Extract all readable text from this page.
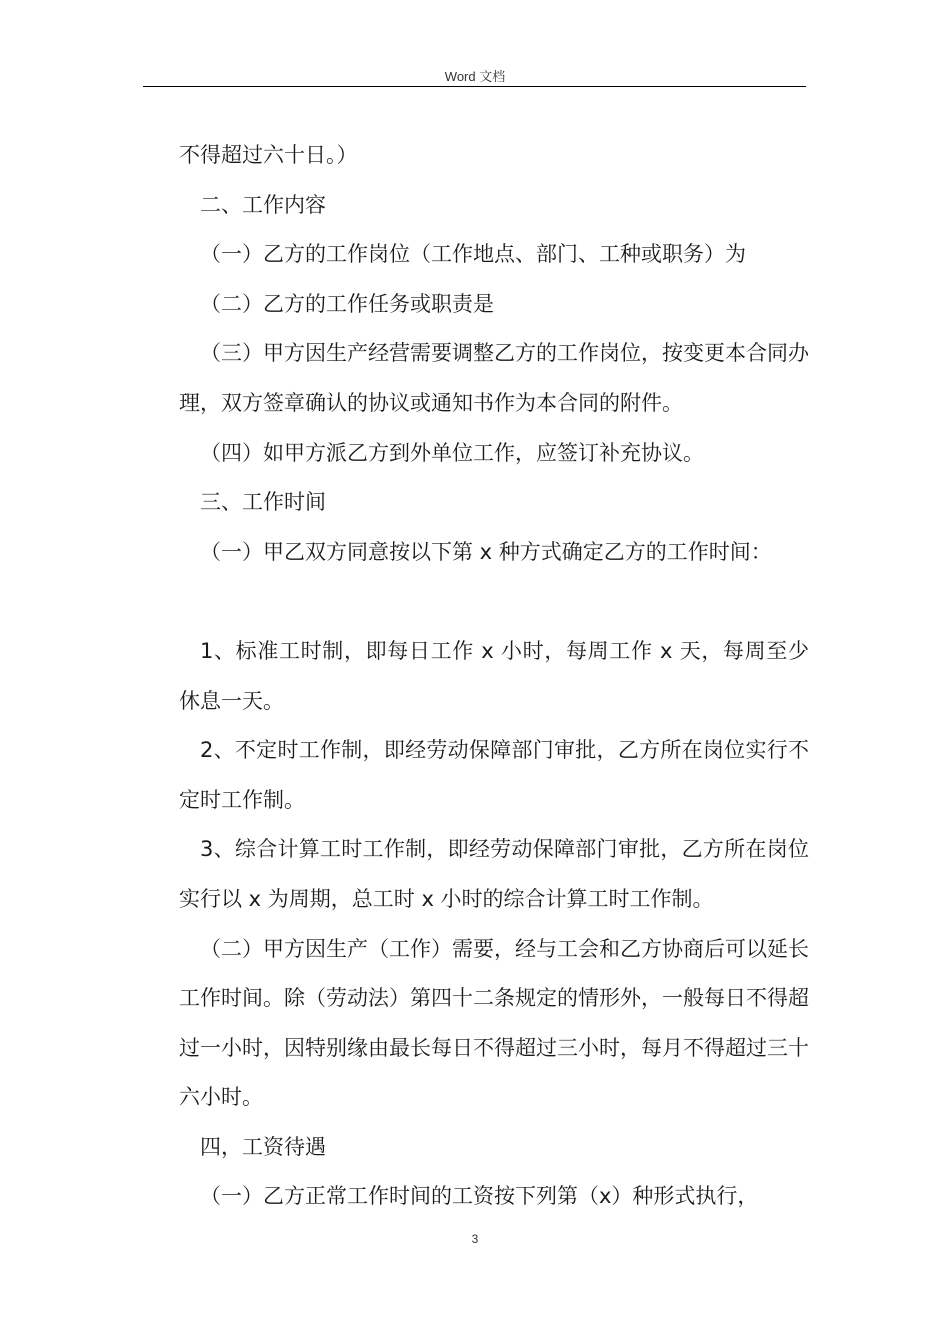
Word 文档

不得超过六十日。）

二、工作内容

（一）乙方的工作岗位（工作地点、部门、工种或职务）为

（二）乙方的工作任务或职责是

（三）甲方因生产经营需要调整乙方的工作岗位，按变更本合同办理，双方签章确认的协议或通知书作为本合同的附件。

（四）如甲方派乙方到外单位工作，应签订补充协议。

三、工作时间

（一）甲乙双方同意按以下第 x 种方式确定乙方的工作时间：

1、标准工时制，即每日工作 x 小时，每周工作 x 天，每周至少休息一天。

2、不定时工作制，即经劳动保障部门审批，乙方所在岗位实行不定时工作制。

3、综合计算工时工作制，即经劳动保障部门审批，乙方所在岗位实行以 x 为周期，总工时 x 小时的综合计算工时工作制。

（二）甲方因生产（工作）需要，经与工会和乙方协商后可以延长工作时间。除（劳动法）第四十二条规定的情形外，一般每日不得超过一小时，因特别缘由最长每日不得超过三小时，每月不得超过三十六小时。

四，工资待遇

（一）乙方正常工作时间的工资按下列第（x）种形式执行，

3
